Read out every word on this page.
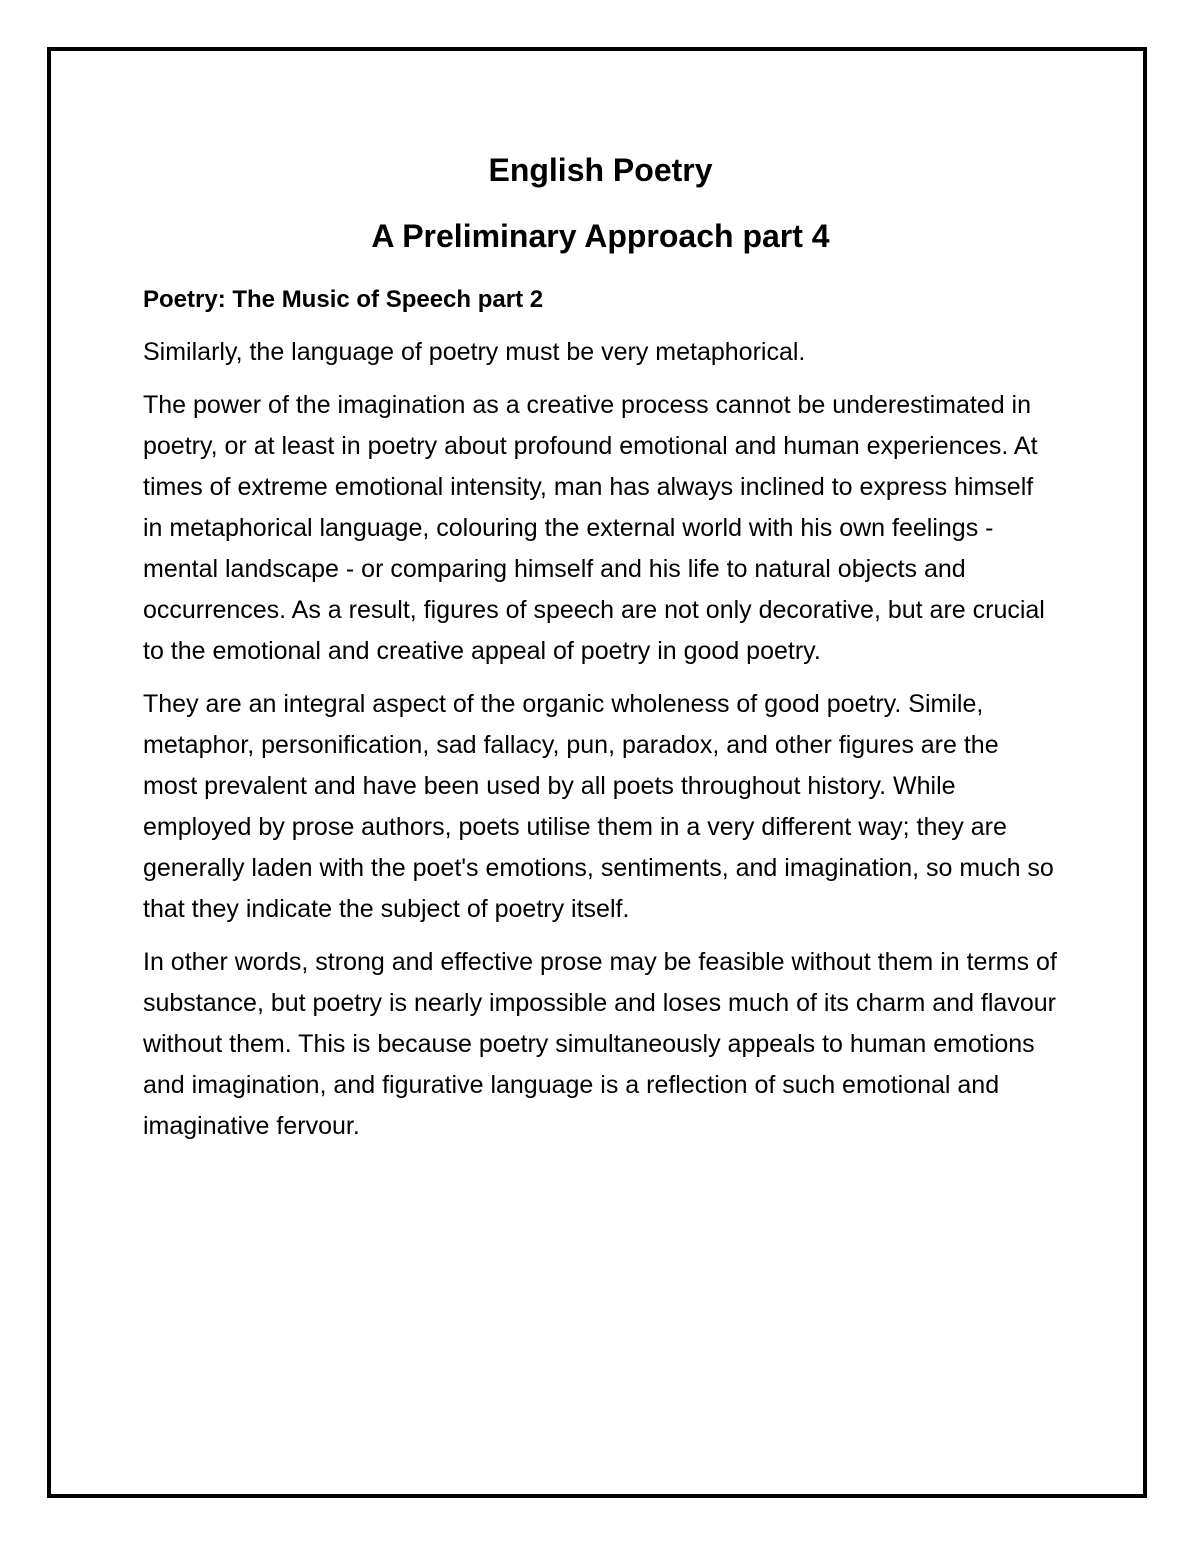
English Poetry
A Preliminary Approach part 4
Poetry: The Music of Speech part 2

Similarly, the language of poetry must be very metaphorical.

The power of the imagination as a creative process cannot be underestimated in poetry, or at least in poetry about profound emotional and human experiences. At times of extreme emotional intensity, man has always inclined to express himself in metaphorical language, colouring the external world with his own feelings - mental landscape - or comparing himself and his life to natural objects and occurrences. As a result, figures of speech are not only decorative, but are crucial to the emotional and creative appeal of poetry in good poetry.

They are an integral aspect of the organic wholeness of good poetry. Simile, metaphor, personification, sad fallacy, pun, paradox, and other figures are the most prevalent and have been used by all poets throughout history. While employed by prose authors, poets utilise them in a very different way; they are generally laden with the poet's emotions, sentiments, and imagination, so much so that they indicate the subject of poetry itself.

In other words, strong and effective prose may be feasible without them in terms of substance, but poetry is nearly impossible and loses much of its charm and flavour without them. This is because poetry simultaneously appeals to human emotions and imagination, and figurative language is a reflection of such emotional and imaginative fervour.
